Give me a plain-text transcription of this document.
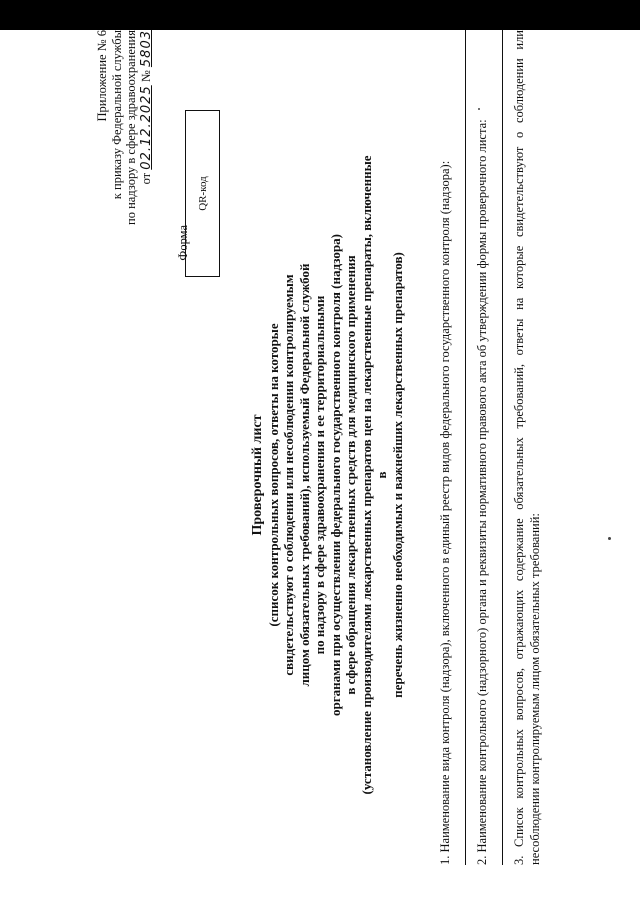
Приложение № 6 к приказу Федеральной службы по надзору в сфере здравоохранения от 02.12.2025 № 5803
Форма
QR-код
Проверочный лист (список контрольных вопросов, ответы на которые свидетельствуют о соблюдении или несоблюдении контролируемым лицом обязательных требований), используемый Федеральной службой по надзору в сфере здравоохранения и ее территориальными органами при осуществлении федерального государственного контроля (надзора) в сфере обращения лекарственных средств для медицинского применения (установление производителями лекарственных препаратов цен на лекарственные препараты, включенные в перечень жизненно необходимых и важнейших лекарственных препаратов)	1. Наименование вида контроля (надзора), включенного в единый реестр видов федерального государственного контроля (надзора): 2. Наименование контрольного (надзорного) органа и реквизиты нормативного правового акта об утверждении формы проверочного листа: 3. Список контрольных вопросов, отражающих содержание обязательных требований, ответы на которые свидетельствуют о соблюдении или несоблюдении контролируемым лицом обязательных требований:
